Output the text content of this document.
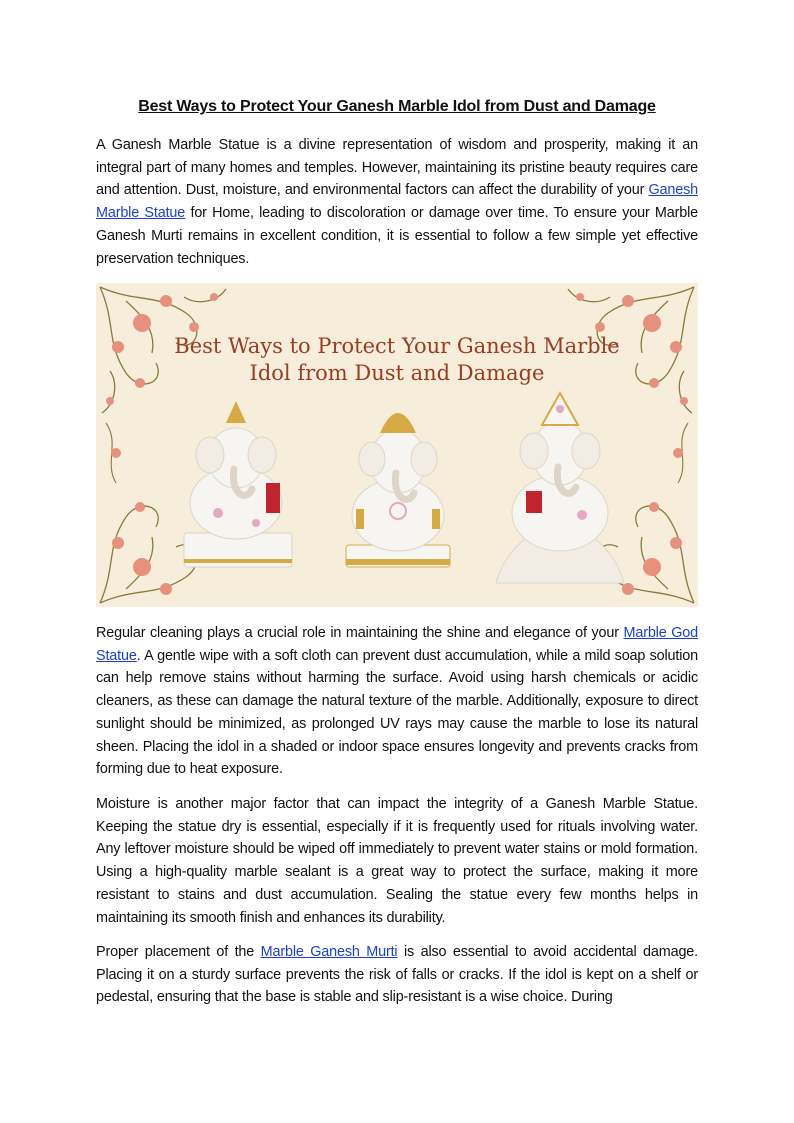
Best Ways to Protect Your Ganesh Marble Idol from Dust and Damage

A Ganesh Marble Statue is a divine representation of wisdom and prosperity, making it an integral part of many homes and temples. However, maintaining its pristine beauty requires care and attention. Dust, moisture, and environmental factors can affect the durability of your Ganesh Marble Statue for Home, leading to discoloration or damage over time. To ensure your Marble Ganesh Murti remains in excellent condition, it is essential to follow a few simple yet effective preservation techniques.

Best Ways to Protect Your Ganesh Marble
Idol from Dust and Damage

Regular cleaning plays a crucial role in maintaining the shine and elegance of your Marble God Statue. A gentle wipe with a soft cloth can prevent dust accumulation, while a mild soap solution can help remove stains without harming the surface. Avoid using harsh chemicals or acidic cleaners, as these can damage the natural texture of the marble. Additionally, exposure to direct sunlight should be minimized, as prolonged UV rays may cause the marble to lose its natural sheen. Placing the idol in a shaded or indoor space ensures longevity and prevents cracks from forming due to heat exposure.

Moisture is another major factor that can impact the integrity of a Ganesh Marble Statue. Keeping the statue dry is essential, especially if it is frequently used for rituals involving water. Any leftover moisture should be wiped off immediately to prevent water stains or mold formation. Using a high-quality marble sealant is a great way to protect the surface, making it more resistant to stains and dust accumulation. Sealing the statue every few months helps in maintaining its smooth finish and enhances its durability.

Proper placement of the Marble Ganesh Murti is also essential to avoid accidental damage. Placing it on a sturdy surface prevents the risk of falls or cracks. If the idol is kept on a shelf or pedestal, ensuring that the base is stable and slip-resistant is a wise choice. During
